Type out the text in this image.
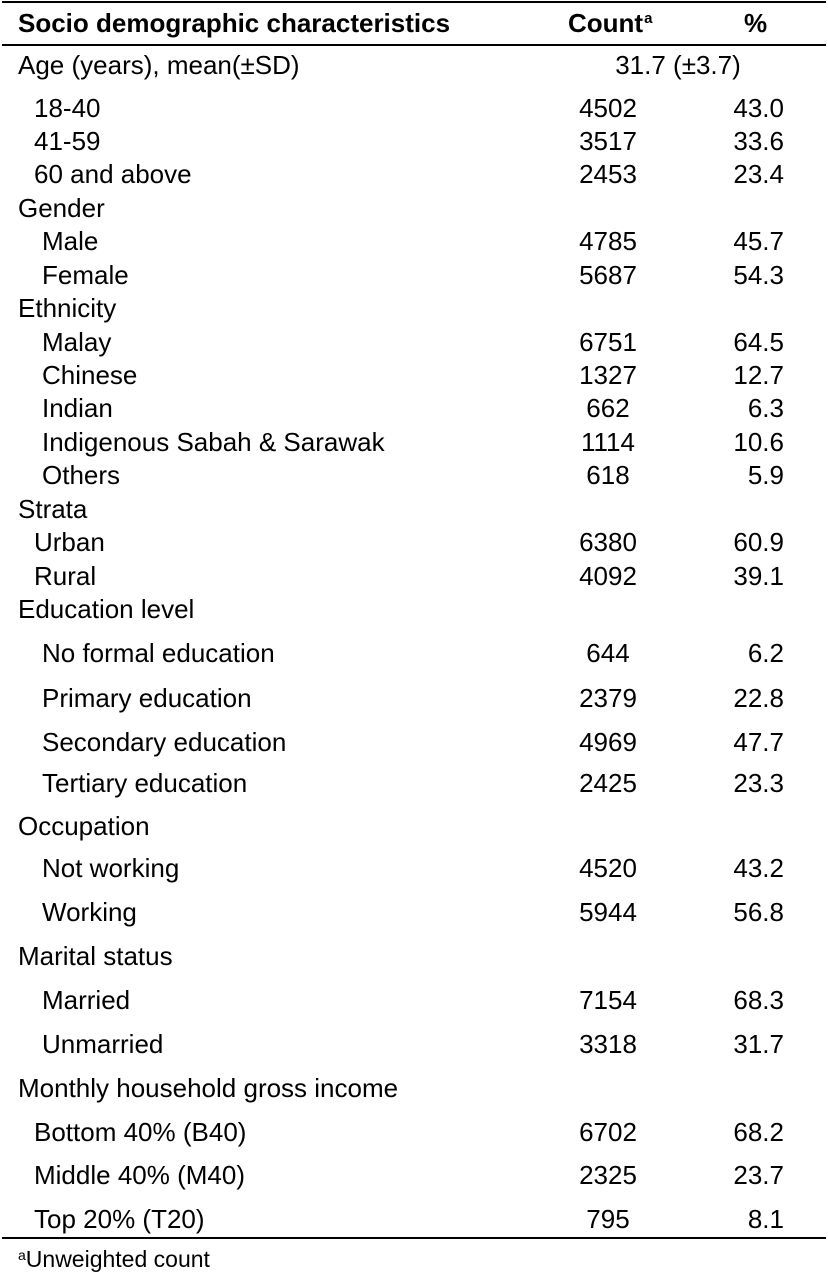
Socio demographic characteristics	Count$^a$	%
Age (years), mean(±SD)	31.7 (±3.7)
18-40	4502	43.0
41-59	3517	33.6
60 and above	2453	23.4
Gender
Male	4785	45.7
Female	5687	54.3
Ethnicity
Malay	6751	64.5
Chinese	1327	12.7
Indian	662	6.3
Indigenous Sabah & Sarawak	1114	10.6
Others	618	5.9
Strata
Urban	6380	60.9
Rural	4092	39.1
Education level
No formal education	644	6.2
Primary education	2379	22.8
Secondary education	4969	47.7
Tertiary education	2425	23.3
Occupation
Not working	4520	43.2
Working	5944	56.8
Marital status
Married	7154	68.3
Unmarried	3318	31.7
Monthly household gross income
Bottom 40% (B40)	6702	68.2
Middle 40% (M40)	2325	23.7
Top 20% (T20)	795	8.1
$^a$Unweighted count
